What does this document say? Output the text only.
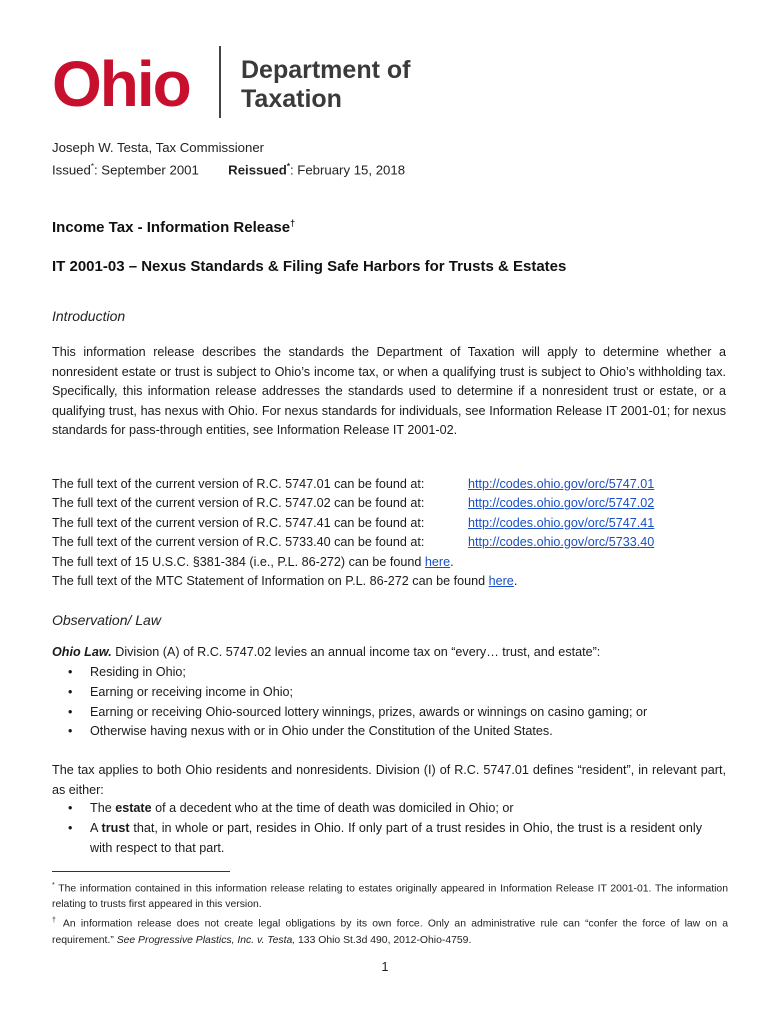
Ohio Department of
Taxation
Joseph W. Testa, Tax Commissioner
Issued*: September 2001 Reissued*: February 15, 2018
Income Tax - Information Release†
IT 2001-03 – Nexus Standards & Filing Safe Harbors for Trusts & Estates
Introduction
This information release describes the standards the Department of Taxation will apply to determine whether a nonresident estate or trust is subject to Ohio’s income tax, or when a qualifying trust is subject to Ohio’s withholding tax. Specifically, this information release addresses the standards used to determine if a nonresident trust or estate, or a qualifying trust, has nexus with Ohio. For nexus standards for individuals, see Information Release IT 2001-01; for nexus standards for pass-through entities, see Information Release IT 2001-02.
The full text of the current version of R.C. 5747.01 can be found at:	http://codes.ohio.gov/orc/5747.01
The full text of the current version of R.C. 5747.02 can be found at:	http://codes.ohio.gov/orc/5747.02
The full text of the current version of R.C. 5747.41 can be found at:	http://codes.ohio.gov/orc/5747.41
The full text of the current version of R.C. 5733.40 can be found at:	http://codes.ohio.gov/orc/5733.40
The full text of 15 U.S.C. §381-384 (i.e., P.L. 86-272) can be found here.
The full text of the MTC Statement of Information on P.L. 86-272 can be found here.
Observation/ Law
Ohio Law. Division (A) of R.C. 5747.02 levies an annual income tax on “every… trust, and estate”:
• Residing in Ohio;
• Earning or receiving income in Ohio;
• Earning or receiving Ohio-sourced lottery winnings, prizes, awards or winnings on casino gaming; or
• Otherwise having nexus with or in Ohio under the Constitution of the United States.
The tax applies to both Ohio residents and nonresidents. Division (I) of R.C. 5747.01 defines “resident”, in relevant part, as either:
• The estate of a decedent who at the time of death was domiciled in Ohio; or
• A trust that, in whole or part, resides in Ohio. If only part of a trust resides in Ohio, the trust is a resident only with respect to that part.
* The information contained in this information release relating to estates originally appeared in Information Release IT 2001-01. The information relating to trusts first appeared in this version.
† An information release does not create legal obligations by its own force. Only an administrative rule can “confer the force of law on a requirement.” See Progressive Plastics, Inc. v. Testa, 133 Ohio St.3d 490, 2012-Ohio-4759.
1
